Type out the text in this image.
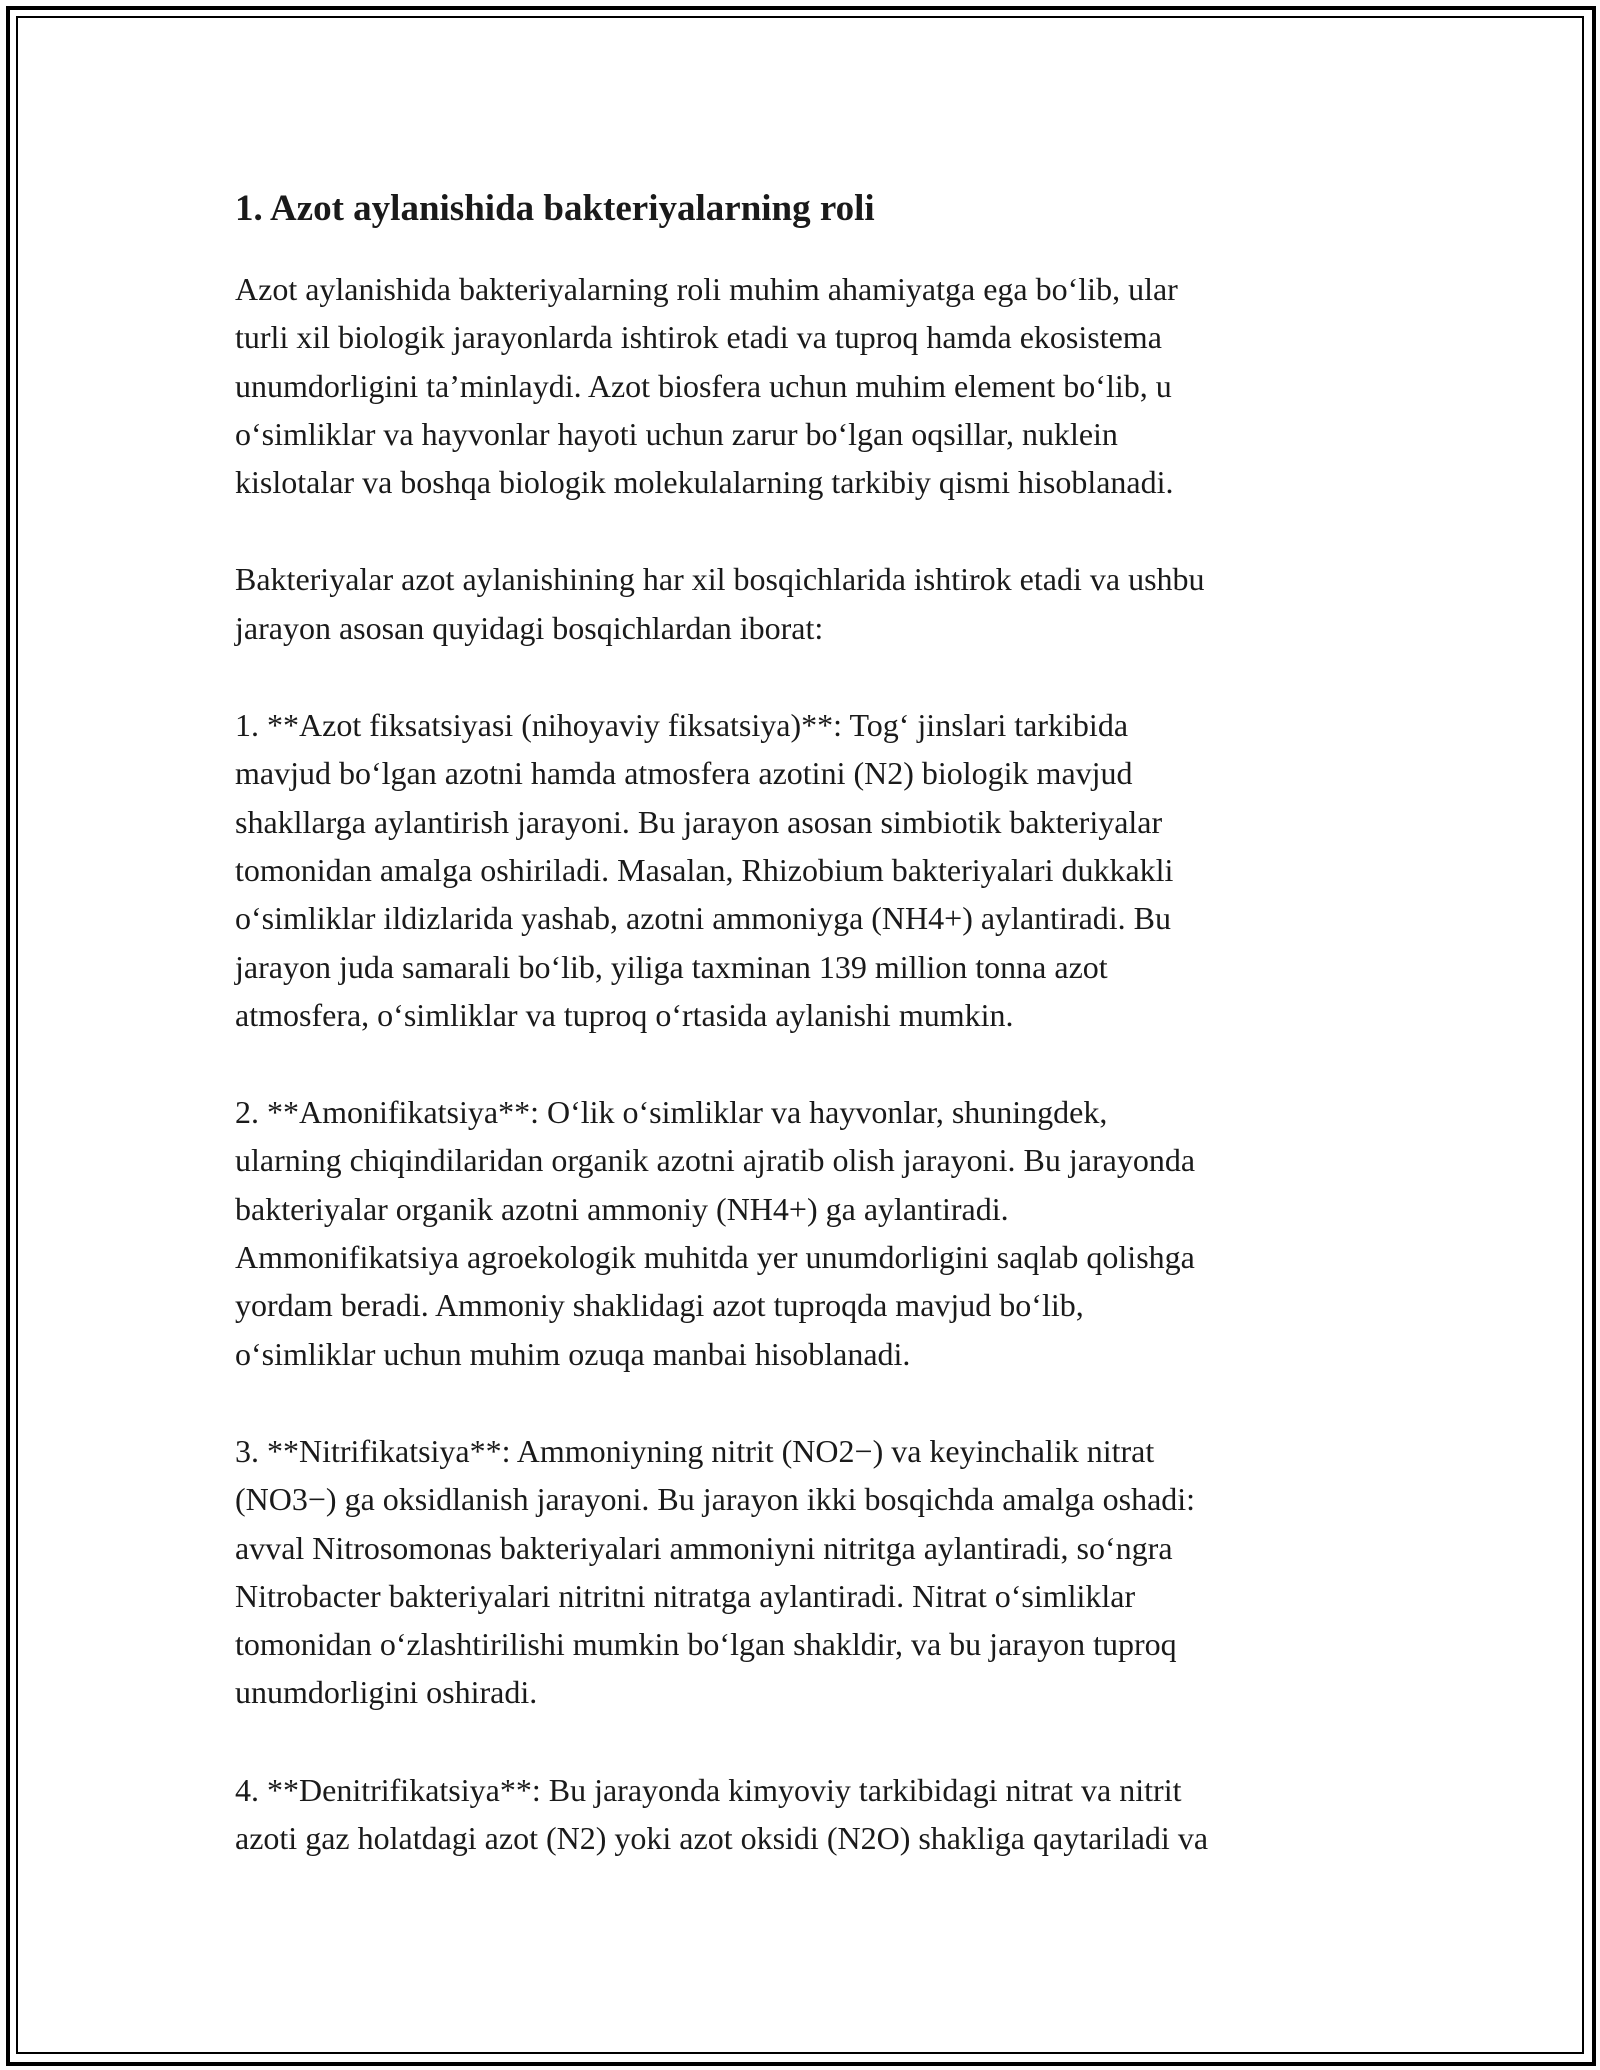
1. Azot aylanishida bakteriyalarning roli

Azot aylanishida bakteriyalarning roli muhim ahamiyatga ega bo‘lib, ular
turli xil biologik jarayonlarda ishtirok etadi va tuproq hamda ekosistema
unumdorligini ta’minlaydi. Azot biosfera uchun muhim element bo‘lib, u
o‘simliklar va hayvonlar hayoti uchun zarur bo‘lgan oqsillar, nuklein
kislotalar va boshqa biologik molekulalarning tarkibiy qismi hisoblanadi.

Bakteriyalar azot aylanishining har xil bosqichlarida ishtirok etadi va ushbu
jarayon asosan quyidagi bosqichlardan iborat:

1. **Azot fiksatsiyasi (nihoyaviy fiksatsiya)**: Tog‘ jinslari tarkibida
mavjud bo‘lgan azotni hamda atmosfera azotini (N2) biologik mavjud
shakllarga aylantirish jarayoni. Bu jarayon asosan simbiotik bakteriyalar
tomonidan amalga oshiriladi. Masalan, Rhizobium bakteriyalari dukkakli
o‘simliklar ildizlarida yashab, azotni ammoniyga (NH4+) aylantiradi. Bu
jarayon juda samarali bo‘lib, yiliga taxminan 139 million tonna azot
atmosfera, o‘simliklar va tuproq o‘rtasida aylanishi mumkin.

2. **Amonifikatsiya**: O‘lik o‘simliklar va hayvonlar, shuningdek,
ularning chiqindilaridan organik azotni ajratib olish jarayoni. Bu jarayonda
bakteriyalar organik azotni ammoniy (NH4+) ga aylantiradi.
Ammonifikatsiya agroekologik muhitda yer unumdorligini saqlab qolishga
yordam beradi. Ammoniy shaklidagi azot tuproqda mavjud bo‘lib,
o‘simliklar uchun muhim ozuqa manbai hisoblanadi.

3. **Nitrifikatsiya**: Ammoniyning nitrit (NO2−) va keyinchalik nitrat
(NO3−) ga oksidlanish jarayoni. Bu jarayon ikki bosqichda amalga oshadi:
avval Nitrosomonas bakteriyalari ammoniyni nitritga aylantiradi, so‘ngra
Nitrobacter bakteriyalari nitritni nitratga aylantiradi. Nitrat o‘simliklar
tomonidan o‘zlashtirilishi mumkin bo‘lgan shakldir, va bu jarayon tuproq
unumdorligini oshiradi.

4. **Denitrifikatsiya**: Bu jarayonda kimyoviy tarkibidagi nitrat va nitrit
azoti gaz holatdagi azot (N2) yoki azot oksidi (N2O) shakliga qaytariladi va
